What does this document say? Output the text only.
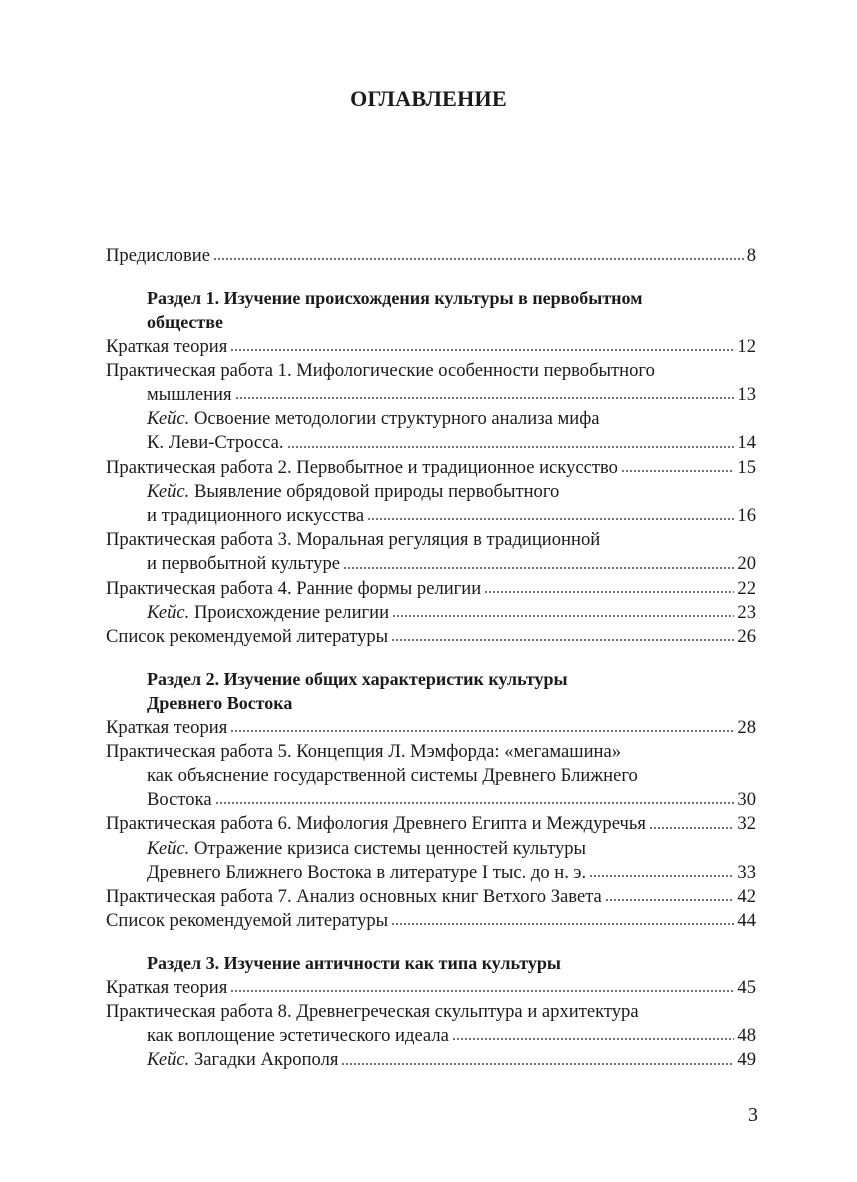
ОГЛАВЛЕНИЕ
Предисловие	8
Раздел 1. Изучение происхождения культуры в первобытном
обществе
Краткая теория	12
Практическая работа 1. Мифологические особенности первобытного
мышления	13
Кейс. Освоение методологии структурного анализа мифа
К. Леви-Стросса.	14
Практическая работа 2. Первобытное и традиционное искусство	15
Кейс. Выявление обрядовой природы первобытного
и традиционного искусства	16
Практическая работа 3. Моральная регуляция в традиционной
и первобытной культуре	20
Практическая работа 4. Ранние формы религии	22
Кейс. Происхождение религии	23
Список рекомендуемой литературы	26
Раздел 2. Изучение общих характеристик культуры
Древнего Востока
Краткая теория	28
Практическая работа 5. Концепция Л. Мэмфорда: «мегамашина»
как объяснение государственной системы Древнего Ближнего
Востока	30
Практическая работа 6. Мифология Древнего Египта и Междуречья	32
Кейс. Отражение кризиса системы ценностей культуры
Древнего Ближнего Востока в литературе I тыс. до н. э.	33
Практическая работа 7. Анализ основных книг Ветхого Завета	42
Список рекомендуемой литературы	44
Раздел 3. Изучение античности как типа культуры
Краткая теория	45
Практическая работа 8. Древнегреческая скульптура и архитектура
как воплощение эстетического идеала	48
Кейс. Загадки Акрополя	49
3
